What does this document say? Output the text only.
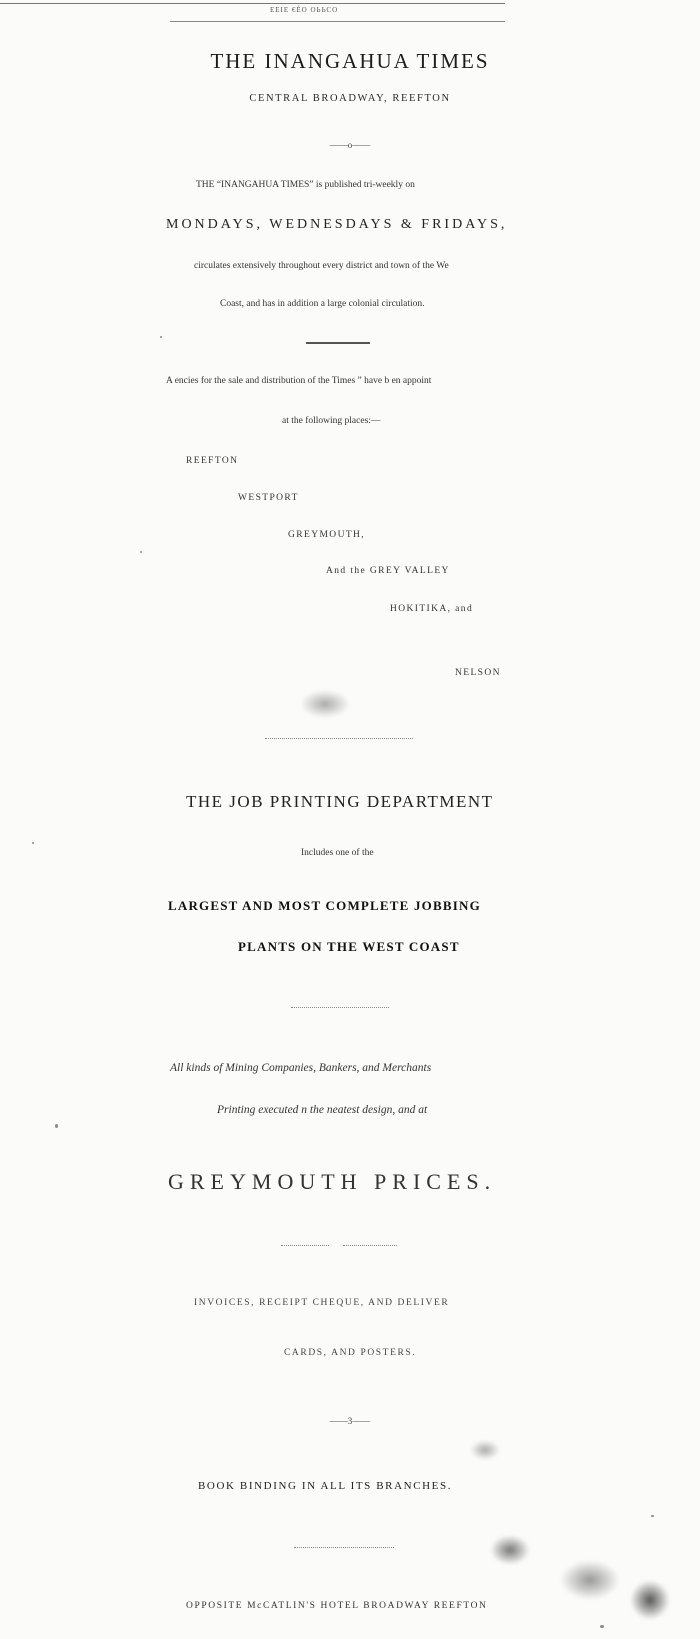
ЕЕІЕ €ÉО ОЬЬСО
THE INANGAHUA TIMES
CENTRAL BROADWAY, REEFTON
——o——
THE “INANGAHUA TIMES” is published tri-weekly on
MONDAYS, WEDNESDAYS & FRIDAYS,
circulates extensively throughout every district and town of the We
Coast, and has in addition a large colonial circulation.
A encies for the sale and distribution of the Times ” have b en appoint
at the following places:—
REEFTON
WESTPORT
GREYMOUTH,
And the GREY VALLEY
HOKITIKA, and
NELSON
THE JOB PRINTING DEPARTMENT
Includes one of the
LARGEST AND MOST COMPLETE JOBBING
PLANTS ON THE WEST COAST
All kinds of Mining Companies, Bankers, and Merchants
Printing executed n the neatest design, and at
GREYMOUTH PRICES.
INVOICES, RECEIPT CHEQUE, AND DELIVER
CARDS, AND POSTERS.
——3——
BOOK BINDING IN ALL ITS BRANCHES.
OPPOSITE McCATLIN'S HOTEL BROADWAY REEFTON
